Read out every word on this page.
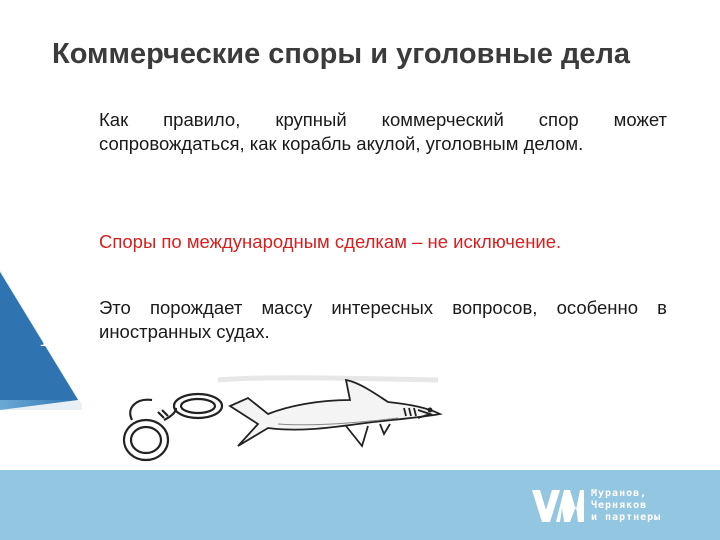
Коммерческие споры и уголовные дела
Как правило, крупный коммерческий спор может сопровождаться, как корабль акулой, уголовным делом.
Споры по международным сделкам – не исключение.
Это порождает массу интересных вопросов, особенно в иностранных судах.
12
Муранов,
Черняков
и партнеры
